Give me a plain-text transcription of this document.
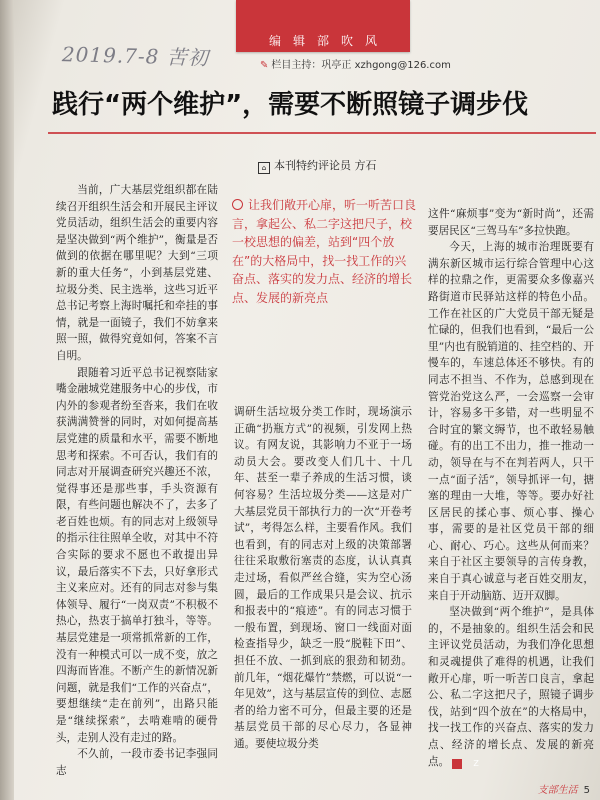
编辑部吹风
2019.7-8 苦初	✎ 栏目主持：巩亭正 xzhgong@126.com
践行“两个维护”，需要不断照镜子调步伐
⌂ 本刊特约评论员 方石

当前，广大基层党组织都在陆续召开组织生活会和开展民主评议党员活动，组织生活会的重要内容是坚决做到“两个维护”，衡量是否做到的依据在哪里呢？大到“三项新的重大任务”，小到基层党建、垃圾分类、民主选举，这些习近平总书记考察上海时嘱托和牵挂的事情，就是一面镜子，我们不妨拿来照一照，做得究竟如何，答案不言自明。

跟随着习近平总书记视察陆家嘴金融城党建服务中心的步伐，市内外的参观者纷至沓来，我们在收获满满赞誉的同时，对如何提高基层党建的质量和水平，需要不断地思考和探索。不可否认，我们有的同志对开展调查研究兴趣还不浓，觉得事还是那些事，手头资源有限，有些问题也解决不了，去多了老百姓也烦。有的同志对上级领导的指示往往照单全收，对其中不符合实际的要求不愿也不敢提出异议，最后落实不下去，只好拿形式主义来应对。还有的同志对参与集体领导、履行“一岗双责”不积极不热心，热衷于搞单打独斗，等等。基层党建是一项常抓常新的工作，没有一种模式可以一成不变，放之四海而皆准。不断产生的新情况新问题，就是我们“工作的兴奋点”，要想继续“走在前列”，出路只能是“继续探索”，去啃难啃的硬骨头，走别人没有走过的路。

不久前，一段市委书记李强同志

让我们敞开心扉，听一听苦口良言，拿起公、私二字这把尺子，校一校思想的偏差，站到“四个放在”的大格局中，找一找工作的兴奋点、落实的发力点、经济的增长点、发展的新亮点

调研生活垃圾分类工作时，现场演示正确“扔瓶方式”的视频，引发网上热议。有网友说，其影响力不亚于一场动员大会。要改变人们几十、十几年、甚至一辈子养成的生活习惯，谈何容易？生活垃圾分类——这是对广大基层党员干部执行力的一次“开卷考试”，考得怎么样，主要看作风。我们也看到，有的同志对上级的决策部署往往采取敷衍塞责的态度，认认真真走过场，看似严丝合缝，实为空心汤圆，最后的工作成果只是会议、抗示和报表中的“痕迹”。有的同志习惯于一般布置，到现场、窗口一线面对面检查指导少，缺乏一股“脱鞋下田”、担任不放、一抓到底的狠劲和韧劲。前几年，“烟花爆竹”禁燃，可以说“一年见效”，这与基层宣传的到位、志愿者的给力密不可分，但最主要的还是基层党员干部的尽心尽力，各显神通。要使垃圾分类

这件“麻烦事”变为“新时尚”，还需要居民区“三驾马车”多拉快跑。

今天，上海的城市治理既要有满东新区城市运行综合管理中心这样的拉鼎之作，更需要众多像嘉兴路街道市民驿站这样的特色小品。工作在社区的广大党员干部无疑是忙碌的，但我们也看到，“最后一公里”内也有脱销道的、挂空档的、开慢车的，车速总体还不够快。有的同志不担当、不作为，总感到现在管党治党这么严，一会巡察一会审计，容易多干多错，对一些明显不合时宜的繁文缛节，也不敢轻易触碰。有的出工不出力，推一推动一动，领导在与不在判若两人，只干一点“面子活”，领导抓评一句，搪塞的理由一大堆，等等。要办好社区居民的揉心事、烦心事、操心事，需要的是社区党员干部的细心、耐心、巧心。这些从何而来？来自于社区主要领导的言传身教，来自于真心诚意与老百姓交朋友，来自于开动脑筋、迈开双脚。

坚决做到“两个维护”，是具体的，不是抽象的。组织生活会和民主评议党员活动，为我们净化思想和灵魂提供了难得的机遇，让我们敞开心扉，听一听苦口良言，拿起公、私二字这把尺子，照镜子调步伐，站到“四个放在”的大格局中，找一找工作的兴奋点、落实的发力点、经济的增长点、发展的新亮点。	Z

支部生活 5
